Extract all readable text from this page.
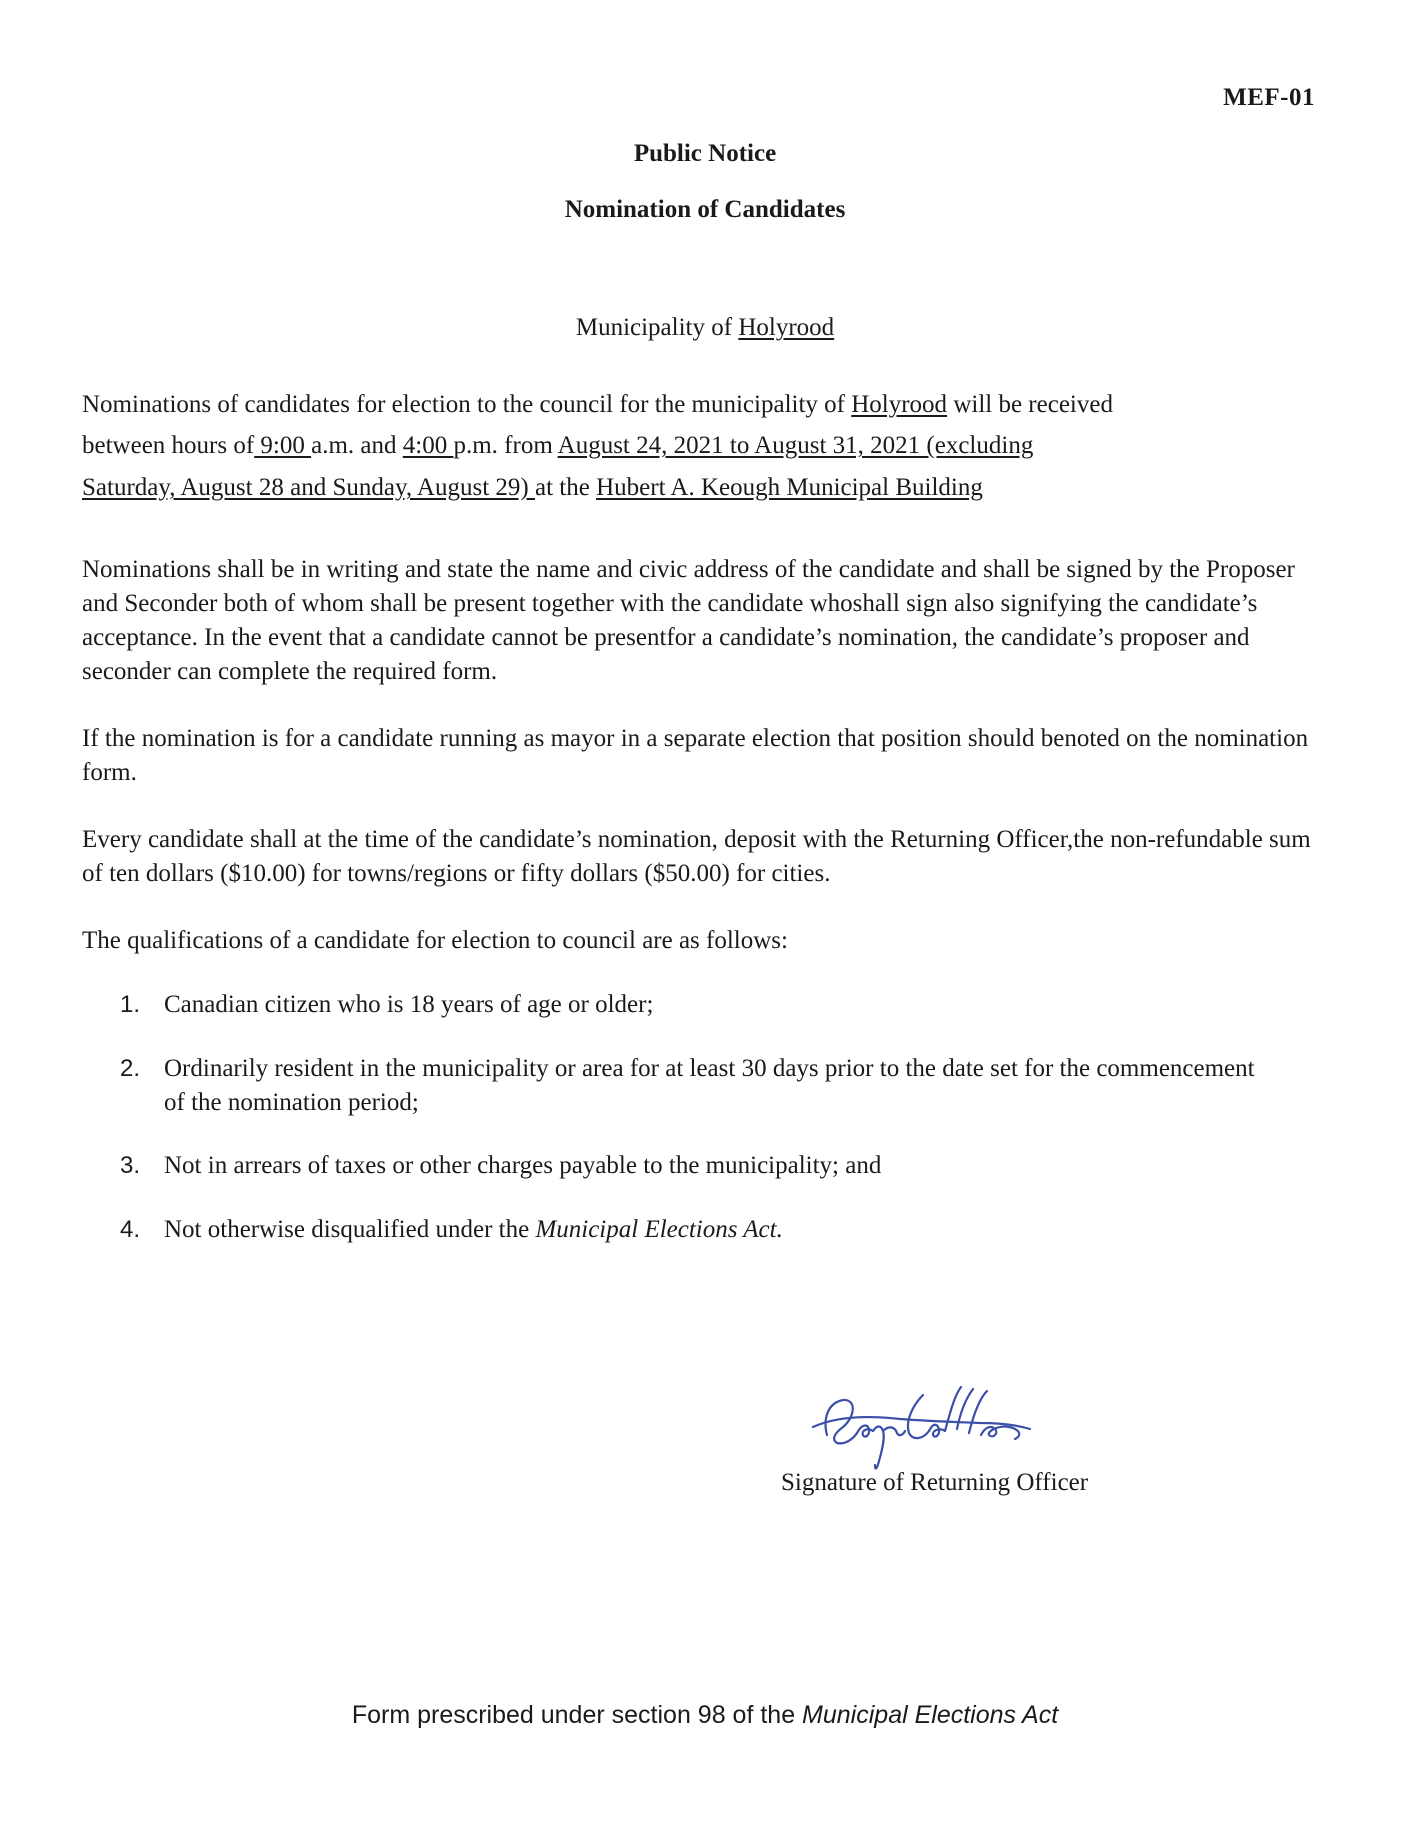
MEF-01
Public Notice
Nomination of Candidates
Municipality of Holyrood
Nominations of candidates for election to the council for the municipality of Holyrood will be received
between hours of 9:00 a.m. and 4:00 p.m. from August 24, 2021 to August 31, 2021 (excluding
Saturday, August 28 and Sunday, August 29) at the Hubert A. Keough Municipal Building
Nominations shall be in writing and state the name and civic address of the candidate and shall be signed by the Proposer and Seconder both of whom shall be present together with the candidate whoshall sign also signifying the candidate’s acceptance. In the event that a candidate cannot be presentfor a candidate’s nomination, the candidate’s proposer and seconder can complete the required form.
If the nomination is for a candidate running as mayor in a separate election that position should benoted on the nomination form.
Every candidate shall at the time of the candidate’s nomination, deposit with the Returning Officer,the non-refundable sum of ten dollars ($10.00) for towns/regions or fifty dollars ($50.00) for cities.
The qualifications of a candidate for election to council are as follows:
1. Canadian citizen who is 18 years of age or older;
2. Ordinarily resident in the municipality or area for at least 30 days prior to the date set for the commencement of the nomination period;
3. Not in arrears of taxes or other charges payable to the municipality; and
4. Not otherwise disqualified under the Municipal Elections Act.
Signature of Returning Officer
Form prescribed under section 98 of the Municipal Elections Act
